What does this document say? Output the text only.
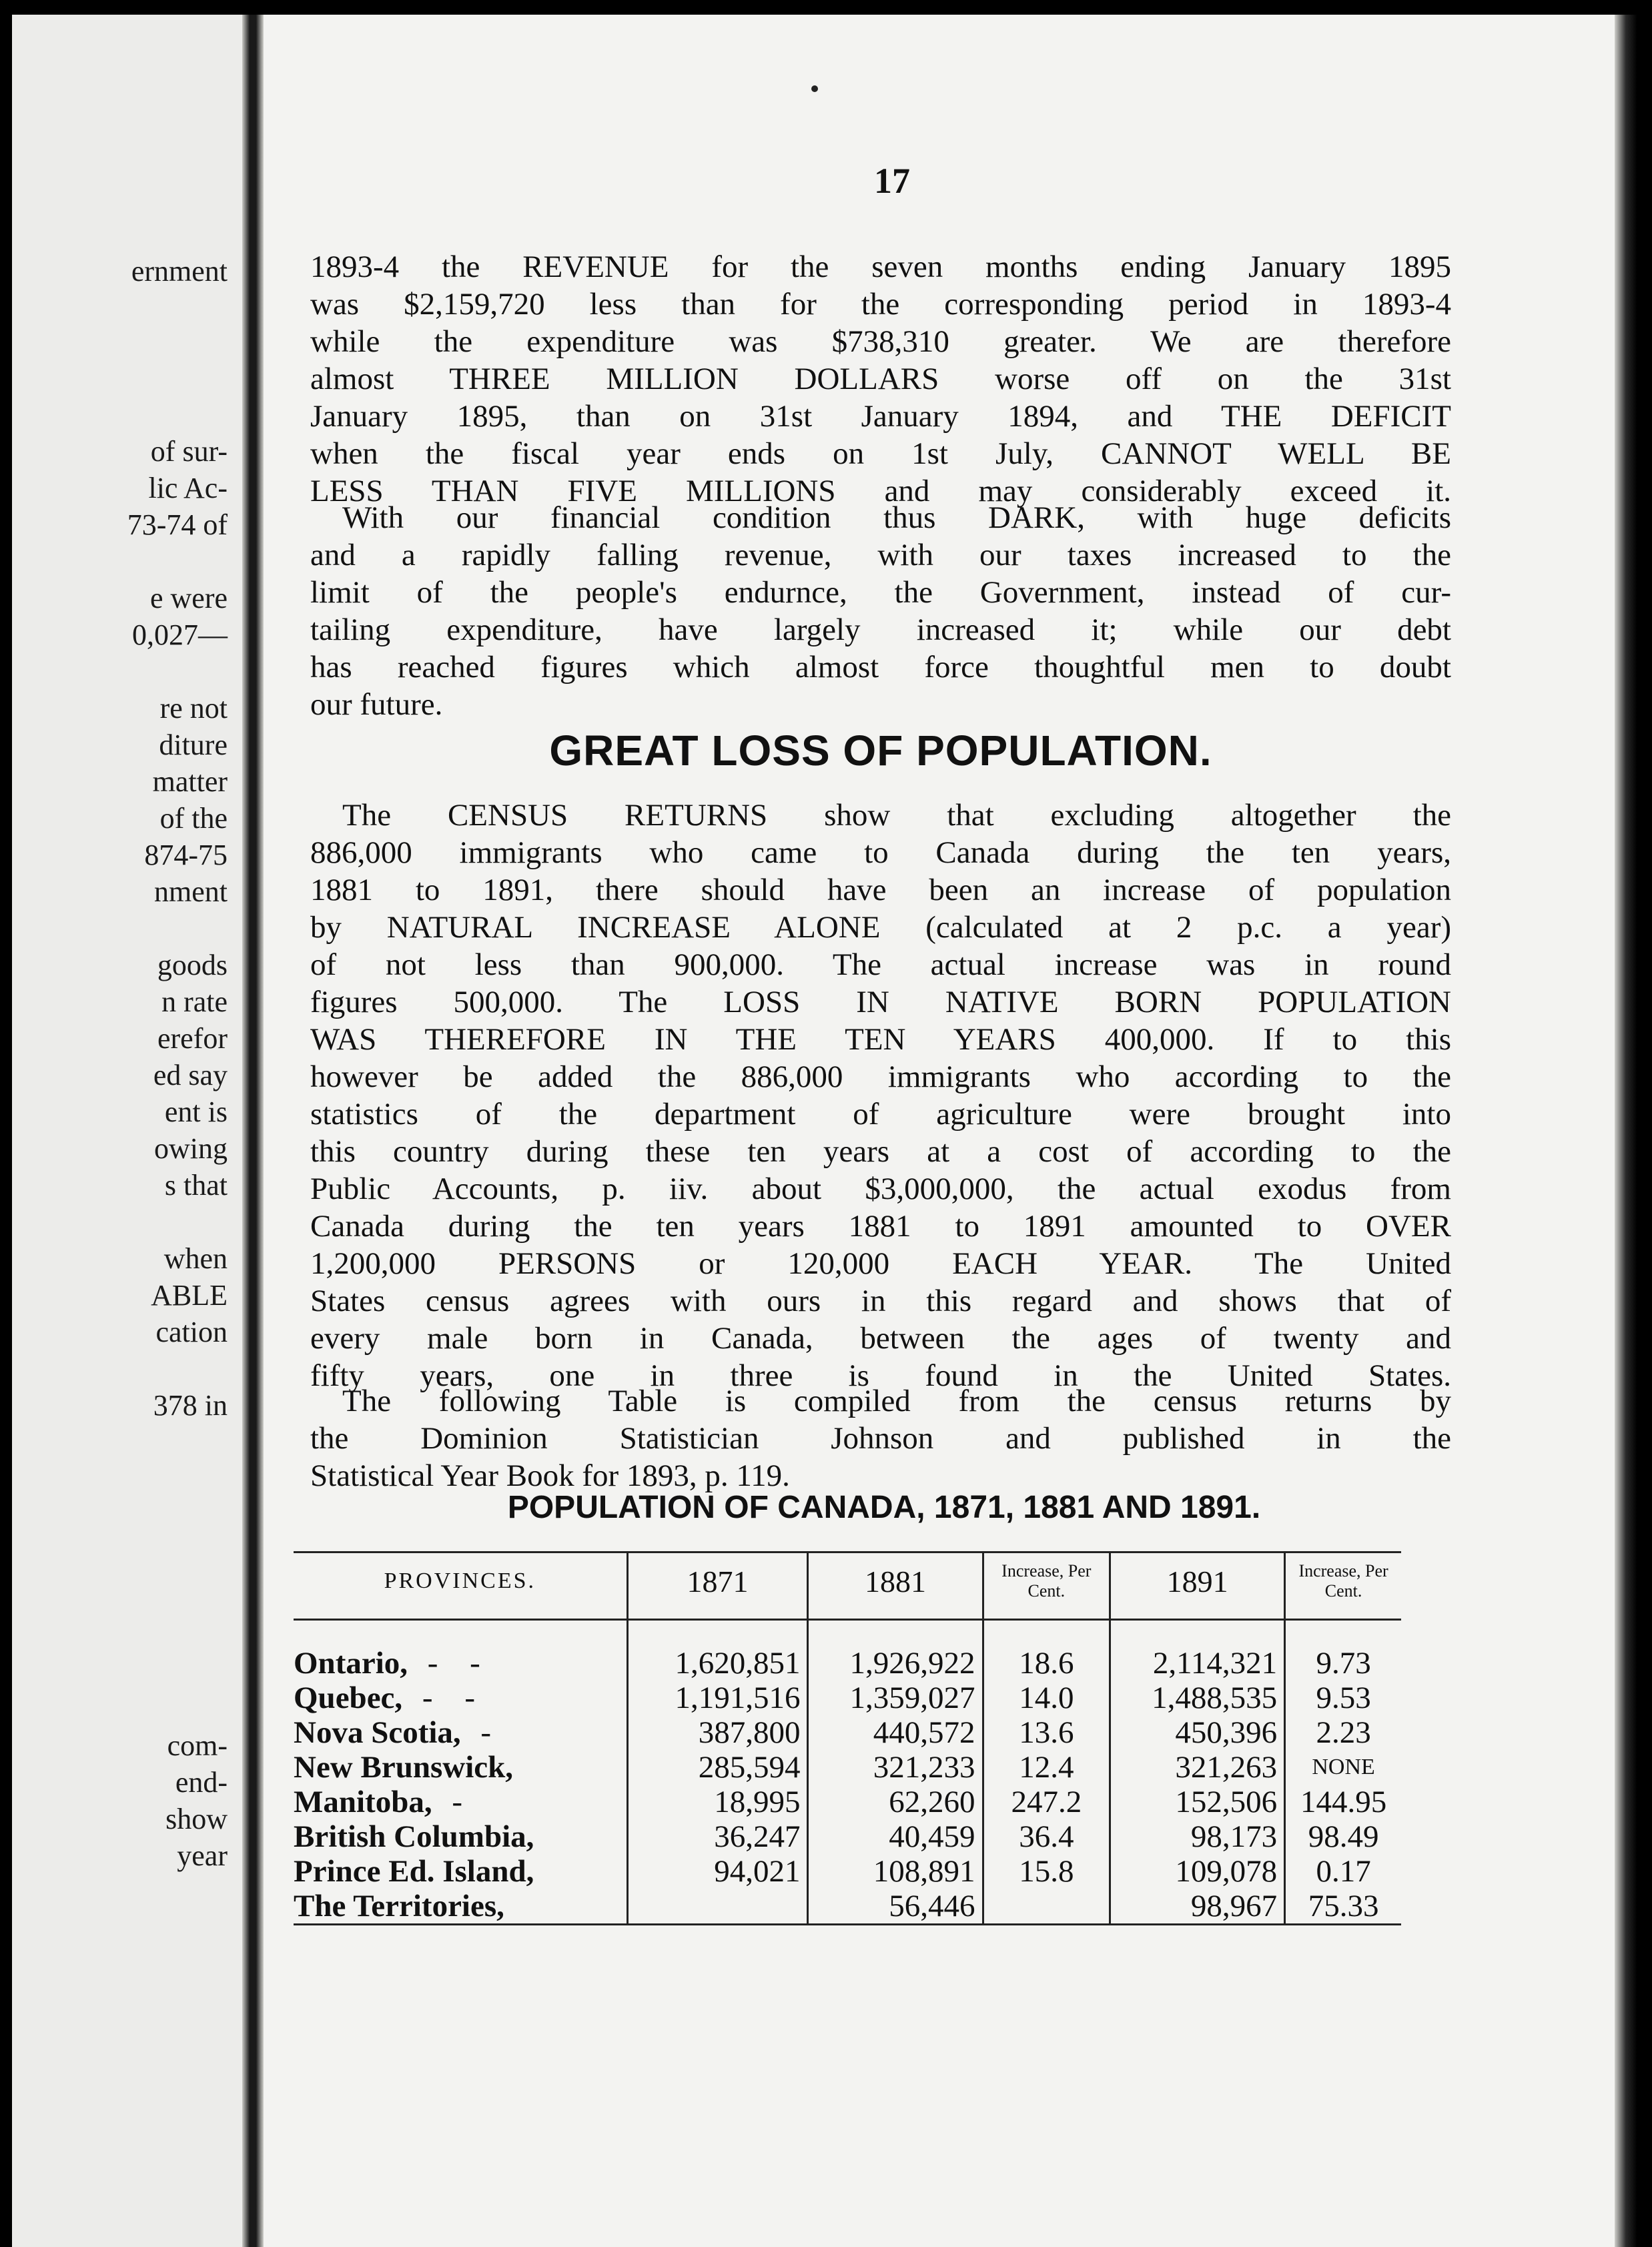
ernment
of sur-
lic Ac-
73-74 of
e were
0,027—
re not
diture
matter
of the
874-75
nment
goods
n rate
erefor
ed say
ent is
owing
s that
when
ABLE
cation
378 in
com-
end-
show
year
17
1893-4 the REVENUE for the seven months ending January 1895
was $2,159,720 less than for the corresponding period in 1893-4
while the expenditure was $738,310 greater. We are therefore
almost THREE MILLION DOLLARS worse off on the 31st
January 1895, than on 31st January 1894, and THE DEFICIT
when the fiscal year ends on 1st July, CANNOT WELL BE
LESS THAN FIVE MILLIONS and may considerably exceed it.
With our financial condition thus DARK, with huge deficits
and a rapidly falling revenue, with our taxes increased to the
limit of the people's endurnce, the Government, instead of cur-
tailing expenditure, have largely increased it; while our debt
has reached figures which almost force thoughtful men to doubt
our future.
GREAT LOSS OF POPULATION.
The CENSUS RETURNS show that excluding altogether the
886,000 immigrants who came to Canada during the ten years,
1881 to 1891, there should have been an increase of population
by NATURAL INCREASE ALONE (calculated at 2 p.c. a year)
of not less than 900,000. The actual increase was in round
figures 500,000. The LOSS IN NATIVE BORN POPULATION
WAS THEREFORE IN THE TEN YEARS 400,000. If to this
however be added the 886,000 immigrants who according to the
statistics of the department of agriculture were brought into
this country during these ten years at a cost of according to the
Public Accounts, p. iiv. about $3,000,000, the actual exodus from
Canada during the ten years 1881 to 1891 amounted to OVER
1,200,000 PERSONS or 120,000 EACH YEAR. The United
States census agrees with ours in this regard and shows that of
every male born in Canada, between the ages of twenty and
fifty years, one in three is found in the United States.
The following Table is compiled from the census returns by
the Dominion Statistician Johnson and published in the
Statistical Year Book for 1893, p. 119.
POPULATION OF CANADA, 1871, 1881 AND 1891.
PROVINCES.	1871	1881	Increase, Per Cent.	1891	Increase, Per Cent.
Ontario, - -	1,620,851	1,926,922	18.6	2,114,321	9.73
Quebec, - -	1,191,516	1,359,027	14.0	1,488,535	9.53
Nova Scotia, -	387,800	440,572	13.6	450,396	2.23
New Brunswick,	285,594	321,233	12.4	321,263	NONE
Manitoba, -	18,995	62,260	247.2	152,506	144.95
British Columbia,	36,247	40,459	36.4	98,173	98.49
Prince Ed. Island,	94,021	108,891	15.8	109,078	0.17
The Territories,		56,446		98,967	75.33
